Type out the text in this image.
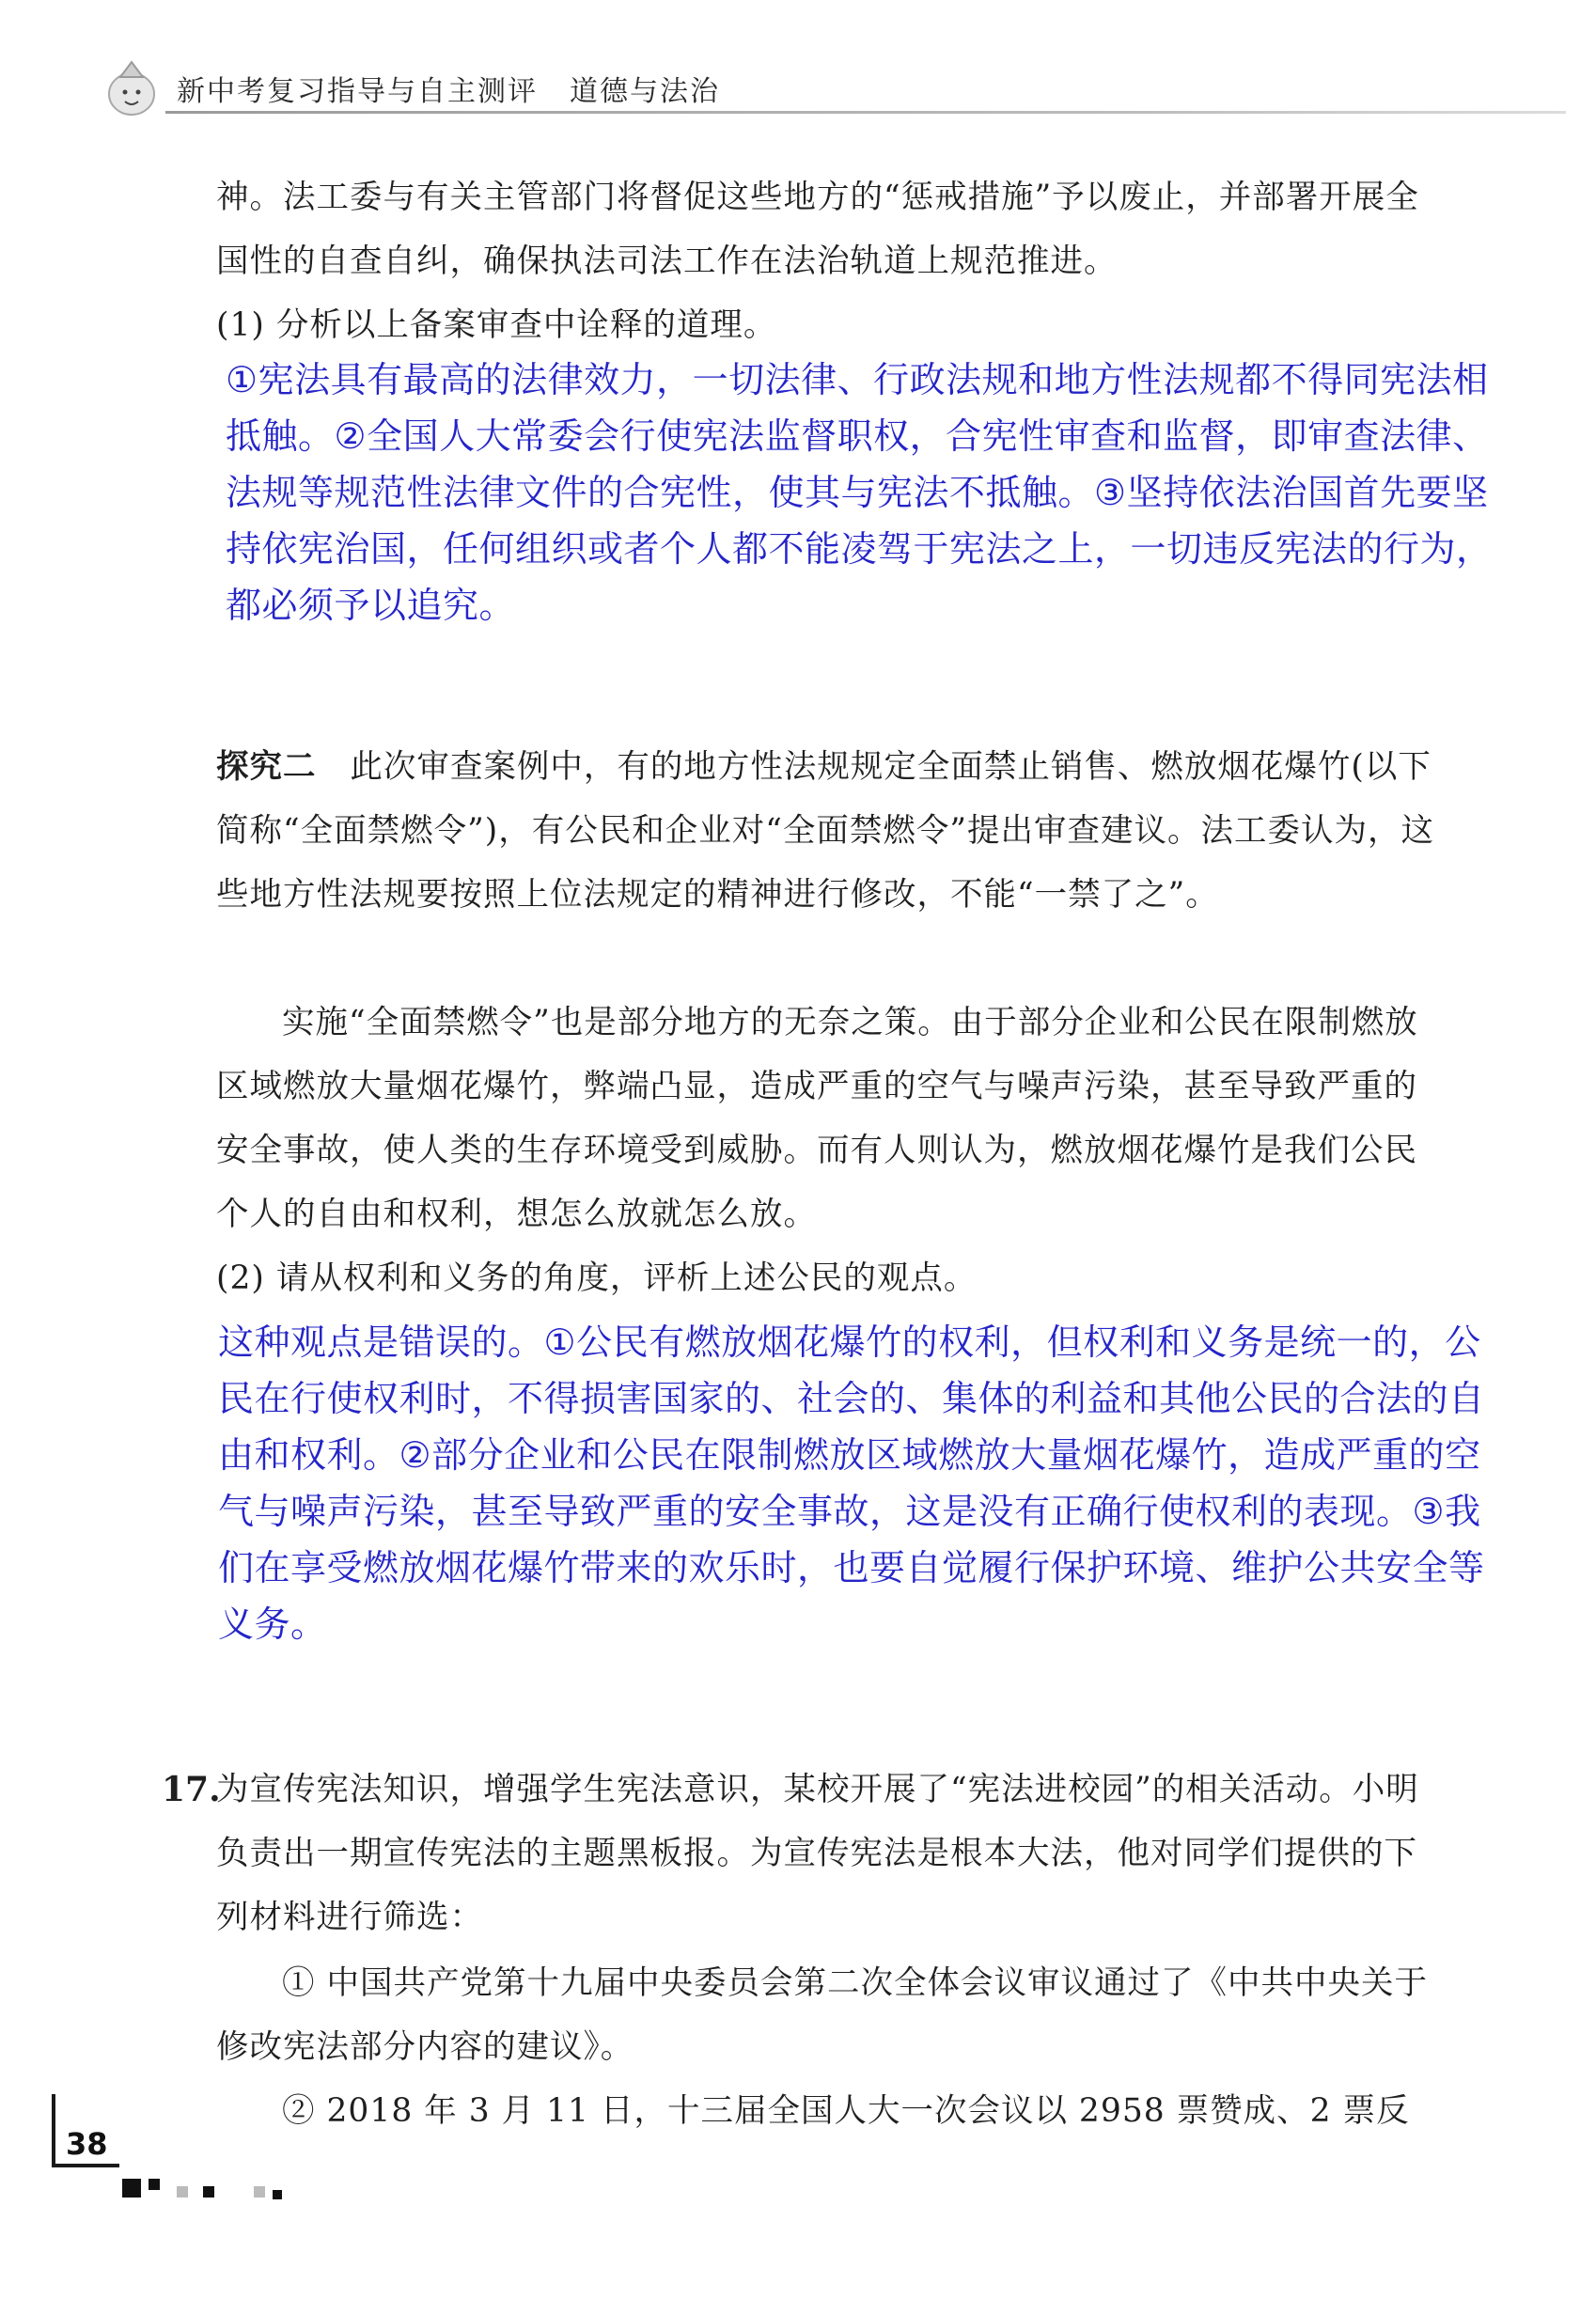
新中考复习指导与自主测评 道德与法治

神。法工委与有关主管部门将督促这些地方的“惩戒措施”予以废止，并部署开展全国性的自查自纠，确保执法司法工作在法治轨道上规范推进。

(1) 分析以上备案审查中诠释的道理。

①宪法具有最高的法律效力，一切法律、行政法规和地方性法规都不得同宪法相抵触。②全国人大常委会行使宪法监督职权，合宪性审查和监督，即审查法律、法规等规范性法律文件的合宪性，使其与宪法不抵触。③坚持依法治国首先要坚持依宪治国，任何组织或者个人都不能凌驾于宪法之上，一切违反宪法的行为，都必须予以追究。

探究二 此次审查案例中，有的地方性法规规定全面禁止销售、燃放烟花爆竹(以下简称“全面禁燃令”)，有公民和企业对“全面禁燃令”提出审查建议。法工委认为，这些地方性法规要按照上位法规定的精神进行修改，不能“一禁了之”。

实施“全面禁燃令”也是部分地方的无奈之策。由于部分企业和公民在限制燃放区域燃放大量烟花爆竹，弊端凸显，造成严重的空气与噪声污染，甚至导致严重的安全事故，使人类的生存环境受到威胁。而有人则认为，燃放烟花爆竹是我们公民个人的自由和权利，想怎么放就怎么放。

(2) 请从权利和义务的角度，评析上述公民的观点。

这种观点是错误的。①公民有燃放烟花爆竹的权利，但权利和义务是统一的，公民在行使权利时，不得损害国家的、社会的、集体的利益和其他公民的合法的自由和权利。②部分企业和公民在限制燃放区域燃放大量烟花爆竹，造成严重的空气与噪声污染，甚至导致严重的安全事故，这是没有正确行使权利的表现。③我们在享受燃放烟花爆竹带来的欢乐时，也要自觉履行保护环境、维护公共安全等义务。

17.

为宣传宪法知识，增强学生宪法意识，某校开展了“宪法进校园”的相关活动。小明负责出一期宣传宪法的主题黑板报。为宣传宪法是根本大法，他对同学们提供的下列材料进行筛选：

① 中国共产党第十九届中央委员会第二次全体会议审议通过了《中共中央关于修改宪法部分内容的建议》。

② 2018 年 3 月 11 日，十三届全国人大一次会议以 2958 票赞成、2 票反

38
